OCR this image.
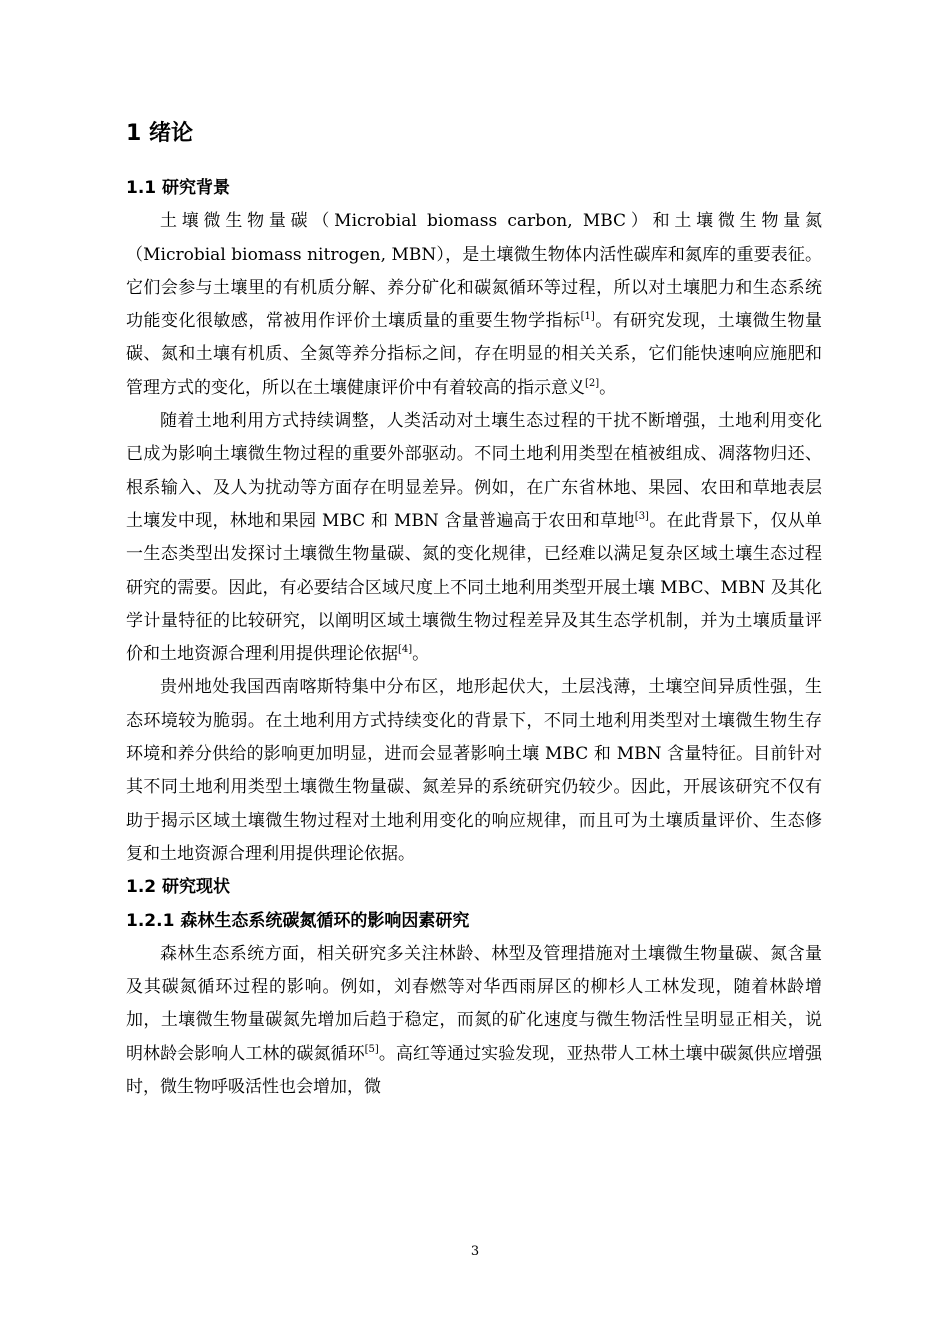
1 绪论
1.1 研究背景

土壤微生物量碳（Microbial biomass carbon, MBC）和土壤微生物量氮（Microbial biomass nitrogen, MBN），是土壤微生物体内活性碳库和氮库的重要表征。它们会参与土壤里的有机质分解、养分矿化和碳氮循环等过程，所以对土壤肥力和生态系统功能变化很敏感，常被用作评价土壤质量的重要生物学指标[1]。有研究发现，土壤微生物量碳、氮和土壤有机质、全氮等养分指标之间，存在明显的相关关系，它们能快速响应施肥和管理方式的变化，所以在土壤健康评价中有着较高的指示意义[2]。

随着土地利用方式持续调整，人类活动对土壤生态过程的干扰不断增强，土地利用变化已成为影响土壤微生物过程的重要外部驱动。不同土地利用类型在植被组成、凋落物归还、根系输入、及人为扰动等方面存在明显差异。例如，在广东省林地、果园、农田和草地表层土壤发中现，林地和果园 MBC 和 MBN 含量普遍高于农田和草地[3]。在此背景下，仅从单一生态类型出发探讨土壤微生物量碳、氮的变化规律，已经难以满足复杂区域土壤生态过程研究的需要。因此，有必要结合区域尺度上不同土地利用类型开展土壤 MBC、MBN 及其化学计量特征的比较研究，以阐明区域土壤微生物过程差异及其生态学机制，并为土壤质量评价和土地资源合理利用提供理论依据[4]。

贵州地处我国西南喀斯特集中分布区，地形起伏大，土层浅薄，土壤空间异质性强，生态环境较为脆弱。在土地利用方式持续变化的背景下，不同土地利用类型对土壤微生物生存环境和养分供给的影响更加明显，进而会显著影响土壤 MBC 和 MBN 含量特征。目前针对其不同土地利用类型土壤微生物量碳、氮差异的系统研究仍较少。因此，开展该研究不仅有助于揭示区域土壤微生物过程对土地利用变化的响应规律，而且可为土壤质量评价、生态修复和土地资源合理利用提供理论依据。

1.2 研究现状
1.2.1 森林生态系统碳氮循环的影响因素研究

森林生态系统方面，相关研究多关注林龄、林型及管理措施对土壤微生物量碳、氮含量及其碳氮循环过程的影响。例如，刘春燃等对华西雨屏区的柳杉人工林发现，随着林龄增加，土壤微生物量碳氮先增加后趋于稳定，而氮的矿化速度与微生物活性呈明显正相关，说明林龄会影响人工林的碳氮循环[5]。高红等通过实验发现，亚热带人工林土壤中碳氮供应增强时，微生物呼吸活性也会增加，微

3
